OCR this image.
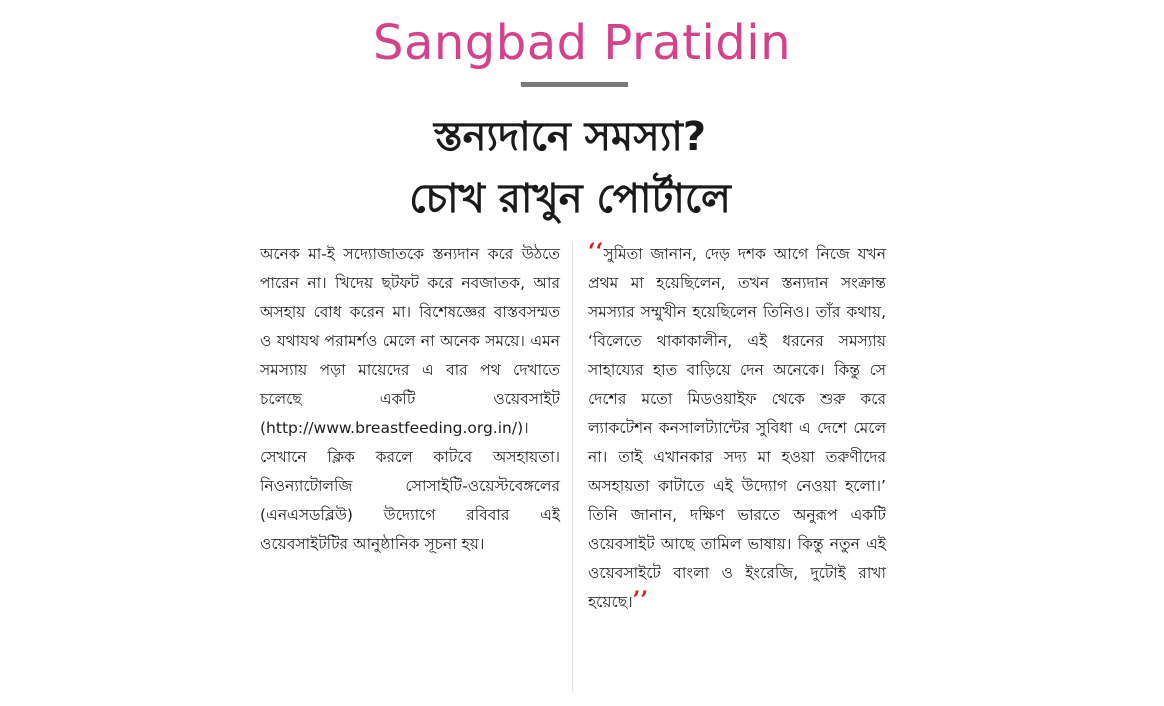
Sangbad Pratidin
স্তন্যদানে সমস্যা?
চোখ রাখুন পোর্টালে

অনেক মা-ই সদ্যোজাতকে স্তন্যদান করে উঠতে পারেন না। খিদেয় ছটফট করে নবজাতক, আর অসহায় বোধ করেন মা। বিশেষজ্ঞের বাস্তবসম্মত ও যথাযথ পরামর্শও মেলে না অনেক সময়ে। এমন সমস্যায় পড়া মায়েদের এ বার পথ দেখাতে চলেছে একটি ওয়েবসাইট (http://www.breastfeeding.org.in/)। সেখানে ক্লিক করলে কাটবে অসহায়তা। নিওন্যাটোলজি সোসাইটি-ওয়েস্টবেঙ্গলের (এনএসডব্লিউ) উদ্যোগে রবিবার এই ওয়েবসাইটটির আনুষ্ঠানিক সূচনা হয়।

‘‘সুমিতা জানান, দেড় দশক আগে নিজে যখন প্রথম মা হয়েছিলেন, তখন স্তন্যদান সংক্রান্ত সমস্যার সম্মুখীন হয়েছিলেন তিনিও। তাঁর কথায়, ‘বিলেতে থাকাকালীন, এই ধরনের সমস্যায় সাহায্যের হাত বাড়িয়ে দেন অনেকে। কিন্তু সে দেশের মতো মিডওয়াইফ থেকে শুরু করে ল্যাকটেশন কনসালট্যান্টের সুবিধা এ দেশে মেলে না। তাই এখানকার সদ্য মা হওয়া তরুণীদের অসহায়তা কাটাতে এই উদ্যোগ নেওয়া হলো।’ তিনি জানান, দক্ষিণ ভারতে অনুরূপ একটি ওয়েবসাইট আছে তামিল ভাষায়। কিন্তু নতুন এই ওয়েবসাইটে বাংলা ও ইংরেজি, দুটোই রাখা হয়েছে।’’
